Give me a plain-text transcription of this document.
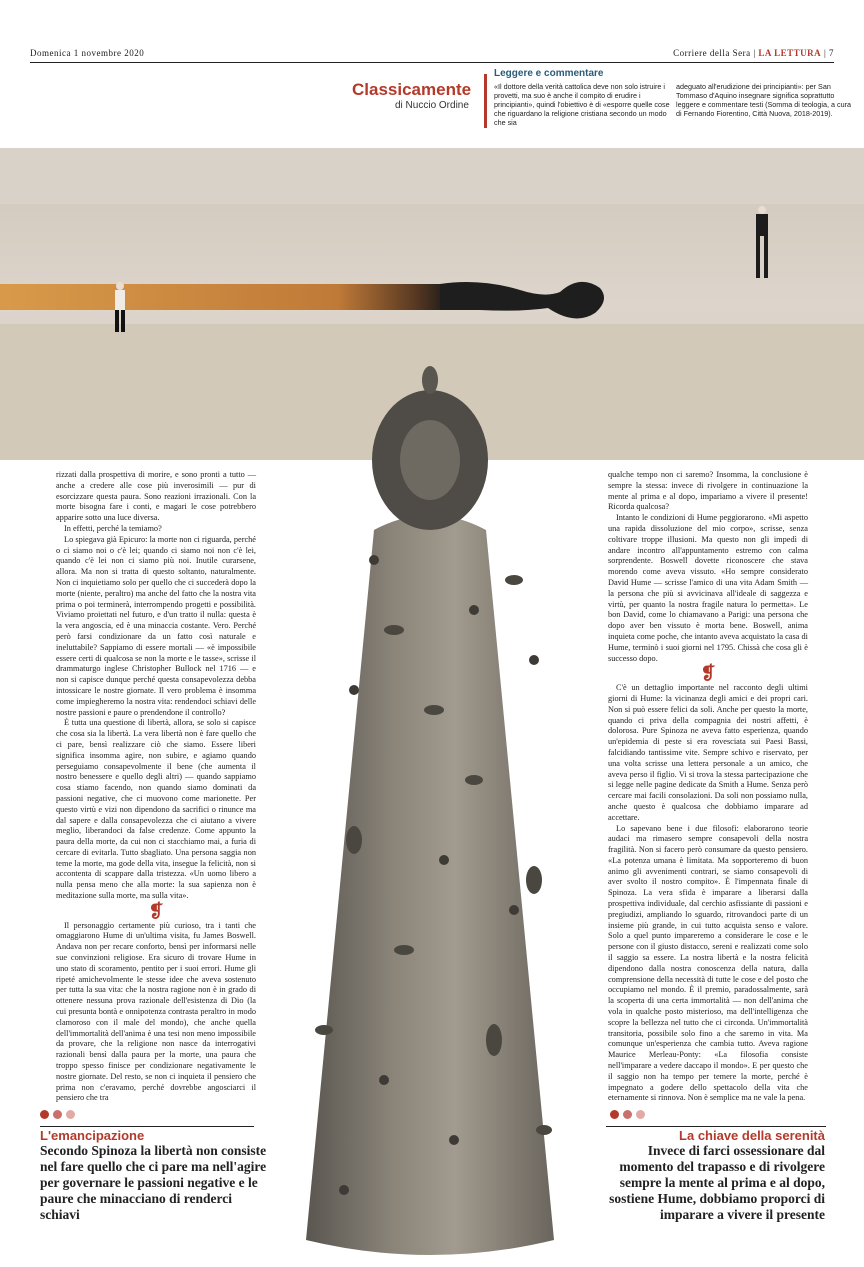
Domenica 1 novembre 2020	Corriere della Sera | LA LETTURA | 7
Classicamente
di Nuccio Ordine
Leggere e commentare
«Il dottore della verità cattolica deve non solo istruire i provetti, ma suo è anche il compito di erudire i principianti», quindi l'obiettivo è di «esporre quelle cose che riguardano la religione cristiana secondo un modo che sia
adeguato all'erudizione dei principianti»: per San Tommaso d'Aquino insegnare significa soprattutto leggere e commentare testi (Somma di teologia, a cura di Fernando Fiorentino, Città Nuova, 2018-2019).

rizzati dalla prospettiva di morire, e sono pronti a tutto — anche a credere alle cose più inverosimili — pur di esorcizzare questa paura. Sono reazioni irrazionali. Con la morte bisogna fare i conti, e magari le cose potrebbero apparire sotto una luce diversa.

In effetti, perché la temiamo?

Lo spiegava già Epicuro: la morte non ci riguarda, perché o ci siamo noi o c'è lei; quando ci siamo noi non c'è lei, quando c'è lei non ci siamo più noi. Inutile curarsene, allora. Ma non si tratta di questo soltanto, naturalmente. Non ci inquietiamo solo per quello che ci succederà dopo la morte (niente, peraltro) ma anche del fatto che la nostra vita prima o poi terminerà, interrompendo progetti e possibilità. Viviamo proiettati nel futuro, e d'un tratto il nulla: questa è la vera angoscia, ed è una minaccia costante. Vero. Perché però farsi condizionare da un fatto così naturale e ineluttabile? Sappiamo di essere mortali — «è impossibile essere certi di qualcosa se non la morte e le tasse», scrisse il drammaturgo inglese Christopher Bullock nel 1716 — e non si capisce dunque perché questa consapevolezza debba intossicare le nostre giornate. Il vero problema è insomma come impiegheremo la nostra vita: rendendoci schiavi delle nostre passioni e paure o prendendone il controllo?

È tutta una questione di libertà, allora, se solo si capisce che cosa sia la libertà. La vera libertà non è fare quello che ci pare, bensì realizzare ciò che siamo. Essere liberi significa insomma agire, non subire, e agiamo quando perseguiamo consapevolmente il bene (che aumenta il nostro benessere e quello degli altri) — quando sappiamo cosa stiamo facendo, non quando siamo dominati da passioni negative, che ci muovono come marionette. Per questo virtù e vizi non dipendono da sacrifici o rinunce ma dal sapere e dalla consapevolezza che ci aiutano a vivere meglio, liberandoci da false credenze. Come appunto la paura della morte, da cui non ci stacchiamo mai, a furia di cercare di evitarla. Tutto sbagliato. Una persona saggia non teme la morte, ma gode della vita, insegue la felicità, non si accontenta di scappare dalla tristezza. «Un uomo libero a nulla pensa meno che alla morte: la sua sapienza non è meditazione sulla morte, ma sulla vita».

❡

Il personaggio certamente più curioso, tra i tanti che omaggiarono Hume di un'ultima visita, fu James Boswell. Andava non per recare conforto, bensì per informarsi nelle sue convinzioni religiose. Era sicuro di trovare Hume in uno stato di scoramento, pentito per i suoi errori. Hume gli ripeté amichevolmente le stesse idee che aveva sostenuto per tutta la sua vita: che la nostra ragione non è in grado di ottenere nessuna prova razionale dell'esistenza di Dio (la cui presunta bontà e onnipotenza contrasta peraltro in modo clamoroso con il male del mondo), che anche quella dell'immortalità dell'anima è una tesi non meno impossibile da provare, che la religione non nasce da interrogativi razionali bensì dalla paura per la morte, una paura che troppo spesso finisce per condizionare negativamente le nostre giornate. Del resto, se non ci inquieta il pensiero che prima non c'eravamo, perché dovrebbe angosciarci il pensiero che tra

qualche tempo non ci saremo? Insomma, la conclusione è sempre la stessa: invece di rivolgere in continuazione la mente al prima e al dopo, impariamo a vivere il presente! Ricorda qualcosa?

Intanto le condizioni di Hume peggiorarono. «Mi aspetto una rapida dissoluzione del mio corpo», scrisse, senza coltivare troppe illusioni. Ma questo non gli impedì di andare incontro all'appuntamento estremo con calma sorprendente. Boswell dovette riconoscere che stava morendo come aveva vissuto. «Ho sempre considerato David Hume — scrisse l'amico di una vita Adam Smith — la persona che più si avvicinava all'ideale di saggezza e virtù, per quanto la nostra fragile natura lo permetta». Le bon David, come lo chiamavano a Parigi: una persona che dopo aver ben vissuto è morta bene. Boswell, anima inquieta come poche, che intanto aveva acquistato la casa di Hume, terminò i suoi giorni nel 1795. Chissà che cosa gli è successo dopo.

❡

C'è un dettaglio importante nel racconto degli ultimi giorni di Hume: la vicinanza degli amici e dei propri cari. Non si può essere felici da soli. Anche per questo la morte, quando ci priva della compagnia dei nostri affetti, è dolorosa. Pure Spinoza ne aveva fatto esperienza, quando un'epidemia di peste si era rovesciata sui Paesi Bassi, falcidiando tantissime vite. Sempre schivo e riservato, per una volta scrisse una lettera personale a un amico, che aveva perso il figlio. Vi si trova la stessa partecipazione che si legge nelle pagine dedicate da Smith a Hume. Senza però cercare mai facili consolazioni. Da soli non possiamo nulla, anche questo è qualcosa che dobbiamo imparare ad accettare.

Lo sapevano bene i due filosofi: elaborarono teorie audaci ma rimasero sempre consapevoli della nostra fragilità. Non si facero però consumare da questo pensiero. «La potenza umana è limitata. Ma sopporteremo di buon animo gli avvenimenti contrari, se siamo consapevoli di aver svolto il nostro compito». È l'impennata finale di Spinoza. La vera sfida è imparare a liberarsi dalla prospettiva individuale, dal cerchio asfissiante di passioni e pregiudizi, ampliando lo sguardo, ritrovandoci parte di un insieme più grande, in cui tutto acquista senso e valore. Solo a quel punto impareremo a considerare le cose e le persone con il giusto distacco, sereni e realizzati come solo il saggio sa essere. La nostra libertà e la nostra felicità dipendono dalla nostra conoscenza della natura, dalla comprensione della necessità di tutte le cose e del posto che occupiamo nel mondo. È il premio, paradossalmente, sarà la scoperta di una certa immortalità — non dell'anima che vola in qualche posto misterioso, ma dell'intelligenza che scopre la bellezza nel tutto che ci circonda. Un'immortalità transitoria, possibile solo fino a che saremo in vita. Ma comunque un'esperienza che cambia tutto. Aveva ragione Maurice Merleau-Ponty: «La filosofia consiste nell'imparare a vedere daccapo il mondo». E per questo che il saggio non ha tempo per temere la morte, perché è impegnato a godere dello spettacolo della vita che eternamente si rinnova. Non è semplice ma ne vale la pena.

L'emancipazione
Secondo Spinoza la libertà non consiste nel fare quello che ci pare ma nell'agire per governare le passioni negative e le paure che minacciano di renderci schiavi
La chiave della serenità
Invece di farci ossessionare dal momento del trapasso e di rivolgere sempre la mente al prima e al dopo, sostiene Hume, dobbiamo proporci di imparare a vivere il presente
